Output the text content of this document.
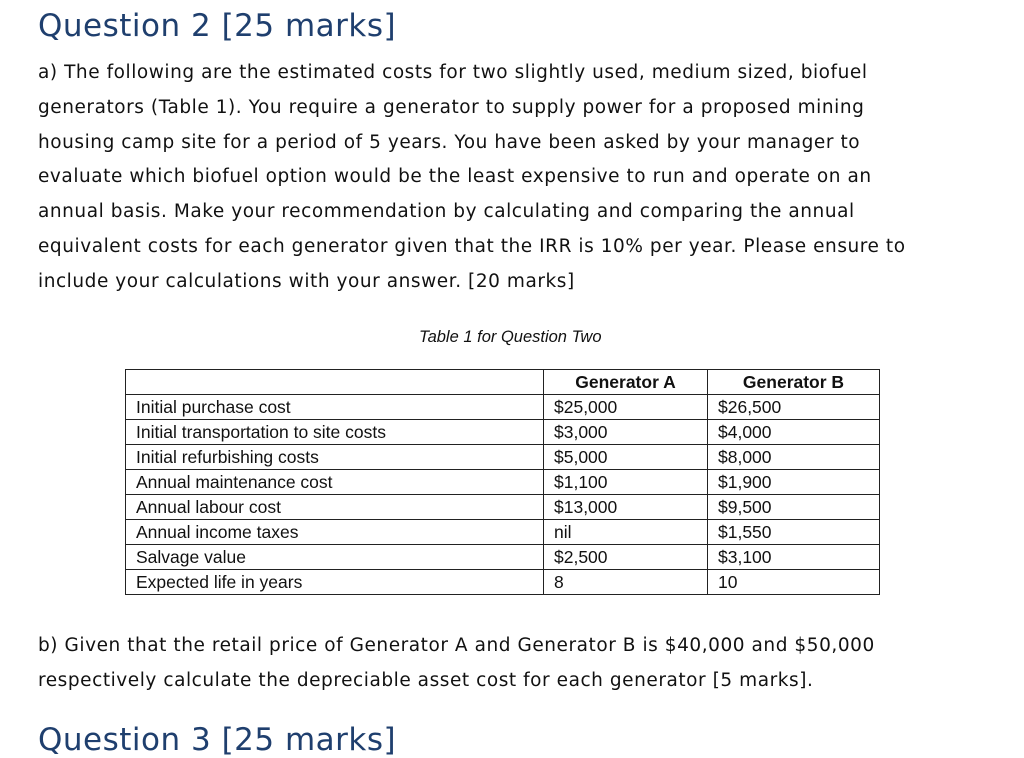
Question 2 [25 marks]

a) The following are the estimated costs for two slightly used, medium sized, biofuel
generators (Table 1). You require a generator to supply power for a proposed mining
housing camp site for a period of 5 years. You have been asked by your manager to
evaluate which biofuel option would be the least expensive to run and operate on an
annual basis. Make your recommendation by calculating and comparing the annual
equivalent costs for each generator given that the IRR is 10% per year. Please ensure to
include your calculations with your answer. [20 marks]

Table 1 for Question Two
	Generator A	Generator B
Initial purchase cost	$25,000	$26,500
Initial transportation to site costs	$3,000	$4,000
Initial refurbishing costs	$5,000	$8,000
Annual maintenance cost	$1,100	$1,900
Annual labour cost	$13,000	$9,500
Annual income taxes	nil	$1,550
Salvage value	$2,500	$3,100
Expected life in years	8	10

b) Given that the retail price of Generator A and Generator B is $40,000 and $50,000
respectively calculate the depreciable asset cost for each generator [5 marks].

Question 3 [25 marks]
